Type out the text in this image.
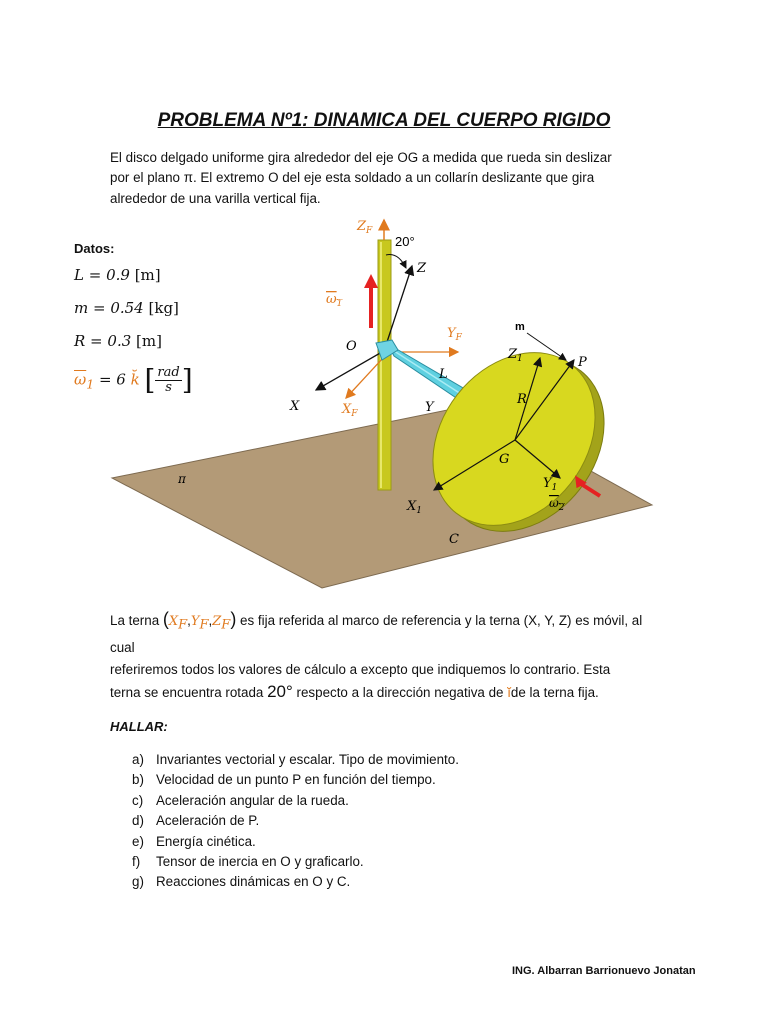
PROBLEMA Nº1: DINAMICA DEL CUERPO RIGIDO

El disco delgado uniforme gira alrededor del eje OG a medida que rueda sin deslizar

por el plano π. El extremo O del eje esta soldado a un collarín deslizante que gira

alrededor de una varilla vertical fija.

Datos:
L = 0.9 [m]
m = 0.54 [kg]
R = 0.3 [m]
$\overline{\omega}_1 = 6$ k̆ [ $\frac{\text{rad}}{s}$ ]
π
$Z_F$
20°
Z
$\omega_1$
$Y_F$
$X_F$
X
O
L
Y
$Z_1$
R
P
m
$X_1$
$Y_1$
G
$\omega_2$
C

La terna $(X_F,Y_F,Z_F)$ es fija referida al marco de referencia y la terna (X, Y, Z) es móvil, al cual

referiremos todos los valores de cálculo a excepto que indiquemos lo contrario. Esta

terna se encuentra rotada 20° respecto a la dirección negativa de ĭde la terna fija.

HALLAR:
a) Invariantes vectorial y escalar. Tipo de movimiento.
b) Velocidad de un punto P en función del tiempo.
c) Aceleración angular de la rueda.
d) Aceleración de P.
e) Energía cinética.
f) Tensor de inercia en O y graficarlo.
g) Reacciones dinámicas en O y C.
ING. Albarran Barrionuevo Jonatan
